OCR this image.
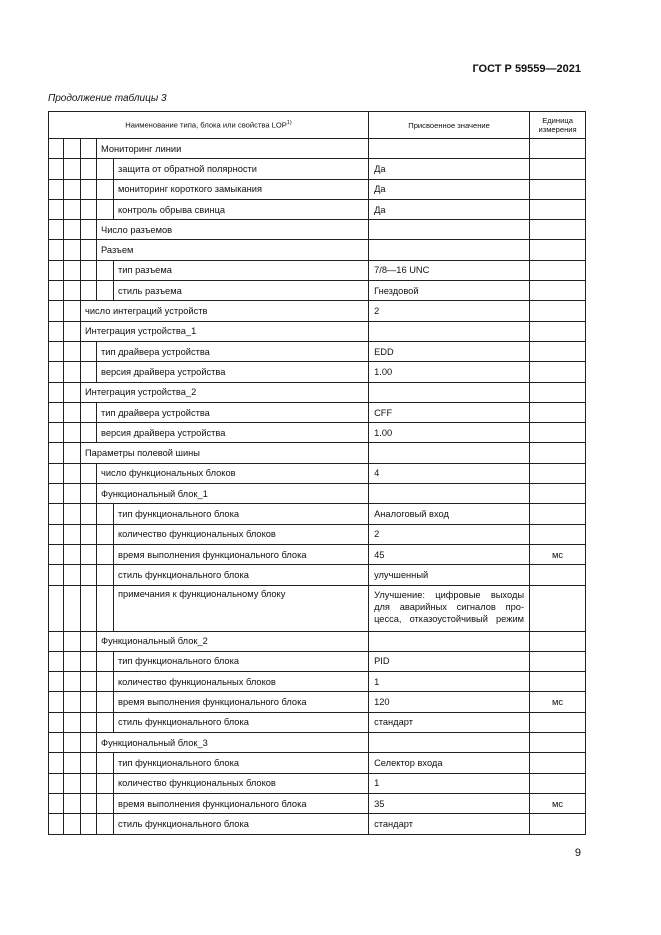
ГОСТ Р 59559—2021
Продолжение таблицы 3
Наименование типа, блока или свойства LOP$^{1)}$					Присвоенное значение	Единица
измерения
			Мониторинг линии			
				защита от обратной полярности	Да	
				мониторинг короткого замыкания	Да	
				контроль обрыва свинца	Да	
			Число разъемов			
			Разъем			
				тип разъема	7/8—16 UNC	
				стиль разъема	Гнездовой	
		число интеграций устройств			2	
		Интеграция устройства_1				
			тип драйвера устройства		EDD	
			версия драйвера устройства		1.00	
		Интеграция устройства_2				
			тип драйвера устройства		CFF	
			версия драйвера устройства		1.00	
		Параметры полевой шины				
			число функциональных блоков		4	
			Функциональный блок_1			
				тип функционального блока	Аналоговый вход	
				количество функциональных блоков	2	
				время выполнения функционального блока	45	мс
				стиль функционального блока	улучшенный	
				примечания к функциональному блоку	Улучшение: цифровые выходы
для аварийных сигналов про-
цесса, отказоустойчивый режим	

			Функциональный блок_2			
				тип функционального блока	PID	
				количество функциональных блоков	1	
				время выполнения функционального блока	120	мс
				стиль функционального блока	стандарт	
			Функциональный блок_3			
				тип функционального блока	Селектор входа	
				количество функциональных блоков	1	
				время выполнения функционального блока	35	мс
				стиль функционального блока	стандарт	
9
